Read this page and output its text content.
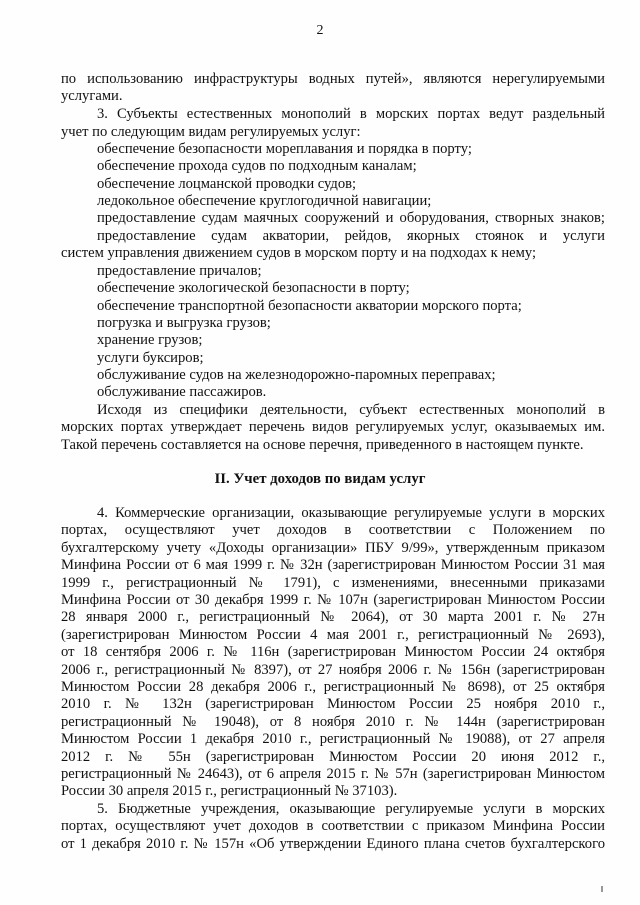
2
по использованию инфраструктуры водных путей», являются нерегулируемыми
услугами.
3. Субъекты естественных монополий в морских портах ведут раздельный
учет по следующим видам регулируемых услуг:
обеспечение безопасности мореплавания и порядка в порту;
обеспечение прохода судов по подходным каналам;
обеспечение лоцманской проводки судов;
ледокольное обеспечение круглогодичной навигации;
предоставление судам маячных сооружений и оборудования, створных знаков;
предоставление судам акватории, рейдов, якорных стоянок и услуги
систем управления движением судов в морском порту и на подходах к нему;
предоставление причалов;
обеспечение экологической безопасности в порту;
обеспечение транспортной безопасности акватории морского порта;
погрузка и выгрузка грузов;
хранение грузов;
услуги буксиров;
обслуживание судов на железнодорожно-паромных переправах;
обслуживание пассажиров.
Исходя из специфики деятельности, субъект естественных монополий в
морских портах утверждает перечень видов регулируемых услуг, оказываемых им.
Такой перечень составляется на основе перечня, приведенного в настоящем пункте.
II. Учет доходов по видам услуг
4. Коммерческие организации, оказывающие регулируемые услуги в морских
портах, осуществляют учет доходов в соответствии с Положением по
бухгалтерскому учету «Доходы организации» ПБУ 9/99», утвержденным приказом
Минфина России от 6 мая 1999 г. № 32н (зарегистрирован Минюстом России 31 мая
1999 г., регистрационный № 1791), с изменениями, внесенными приказами
Минфина России от 30 декабря 1999 г. № 107н (зарегистрирован Минюстом России
28 января 2000 г., регистрационный № 2064), от 30 марта 2001 г. № 27н
(зарегистрирован Минюстом России 4 мая 2001 г., регистрационный № 2693),
от 18 сентября 2006 г. № 116н (зарегистрирован Минюстом России 24 октября
2006 г., регистрационный № 8397), от 27 ноября 2006 г. № 156н (зарегистрирован
Минюстом России 28 декабря 2006 г., регистрационный № 8698), от 25 октября
2010 г. № 132н (зарегистрирован Минюстом России 25 ноября 2010 г.,
регистрационный № 19048), от 8 ноября 2010 г. № 144н (зарегистрирован
Минюстом России 1 декабря 2010 г., регистрационный № 19088), от 27 апреля
2012 г. № 55н (зарегистрирован Минюстом России 20 июня 2012 г.,
регистрационный № 24643), от 6 апреля 2015 г. № 57н (зарегистрирован Минюстом
России 30 апреля 2015 г., регистрационный № 37103).
5. Бюджетные учреждения, оказывающие регулируемые услуги в морских
портах, осуществляют учет доходов в соответствии с приказом Минфина России
от 1 декабря 2010 г. № 157н «Об утверждении Единого плана счетов бухгалтерского
